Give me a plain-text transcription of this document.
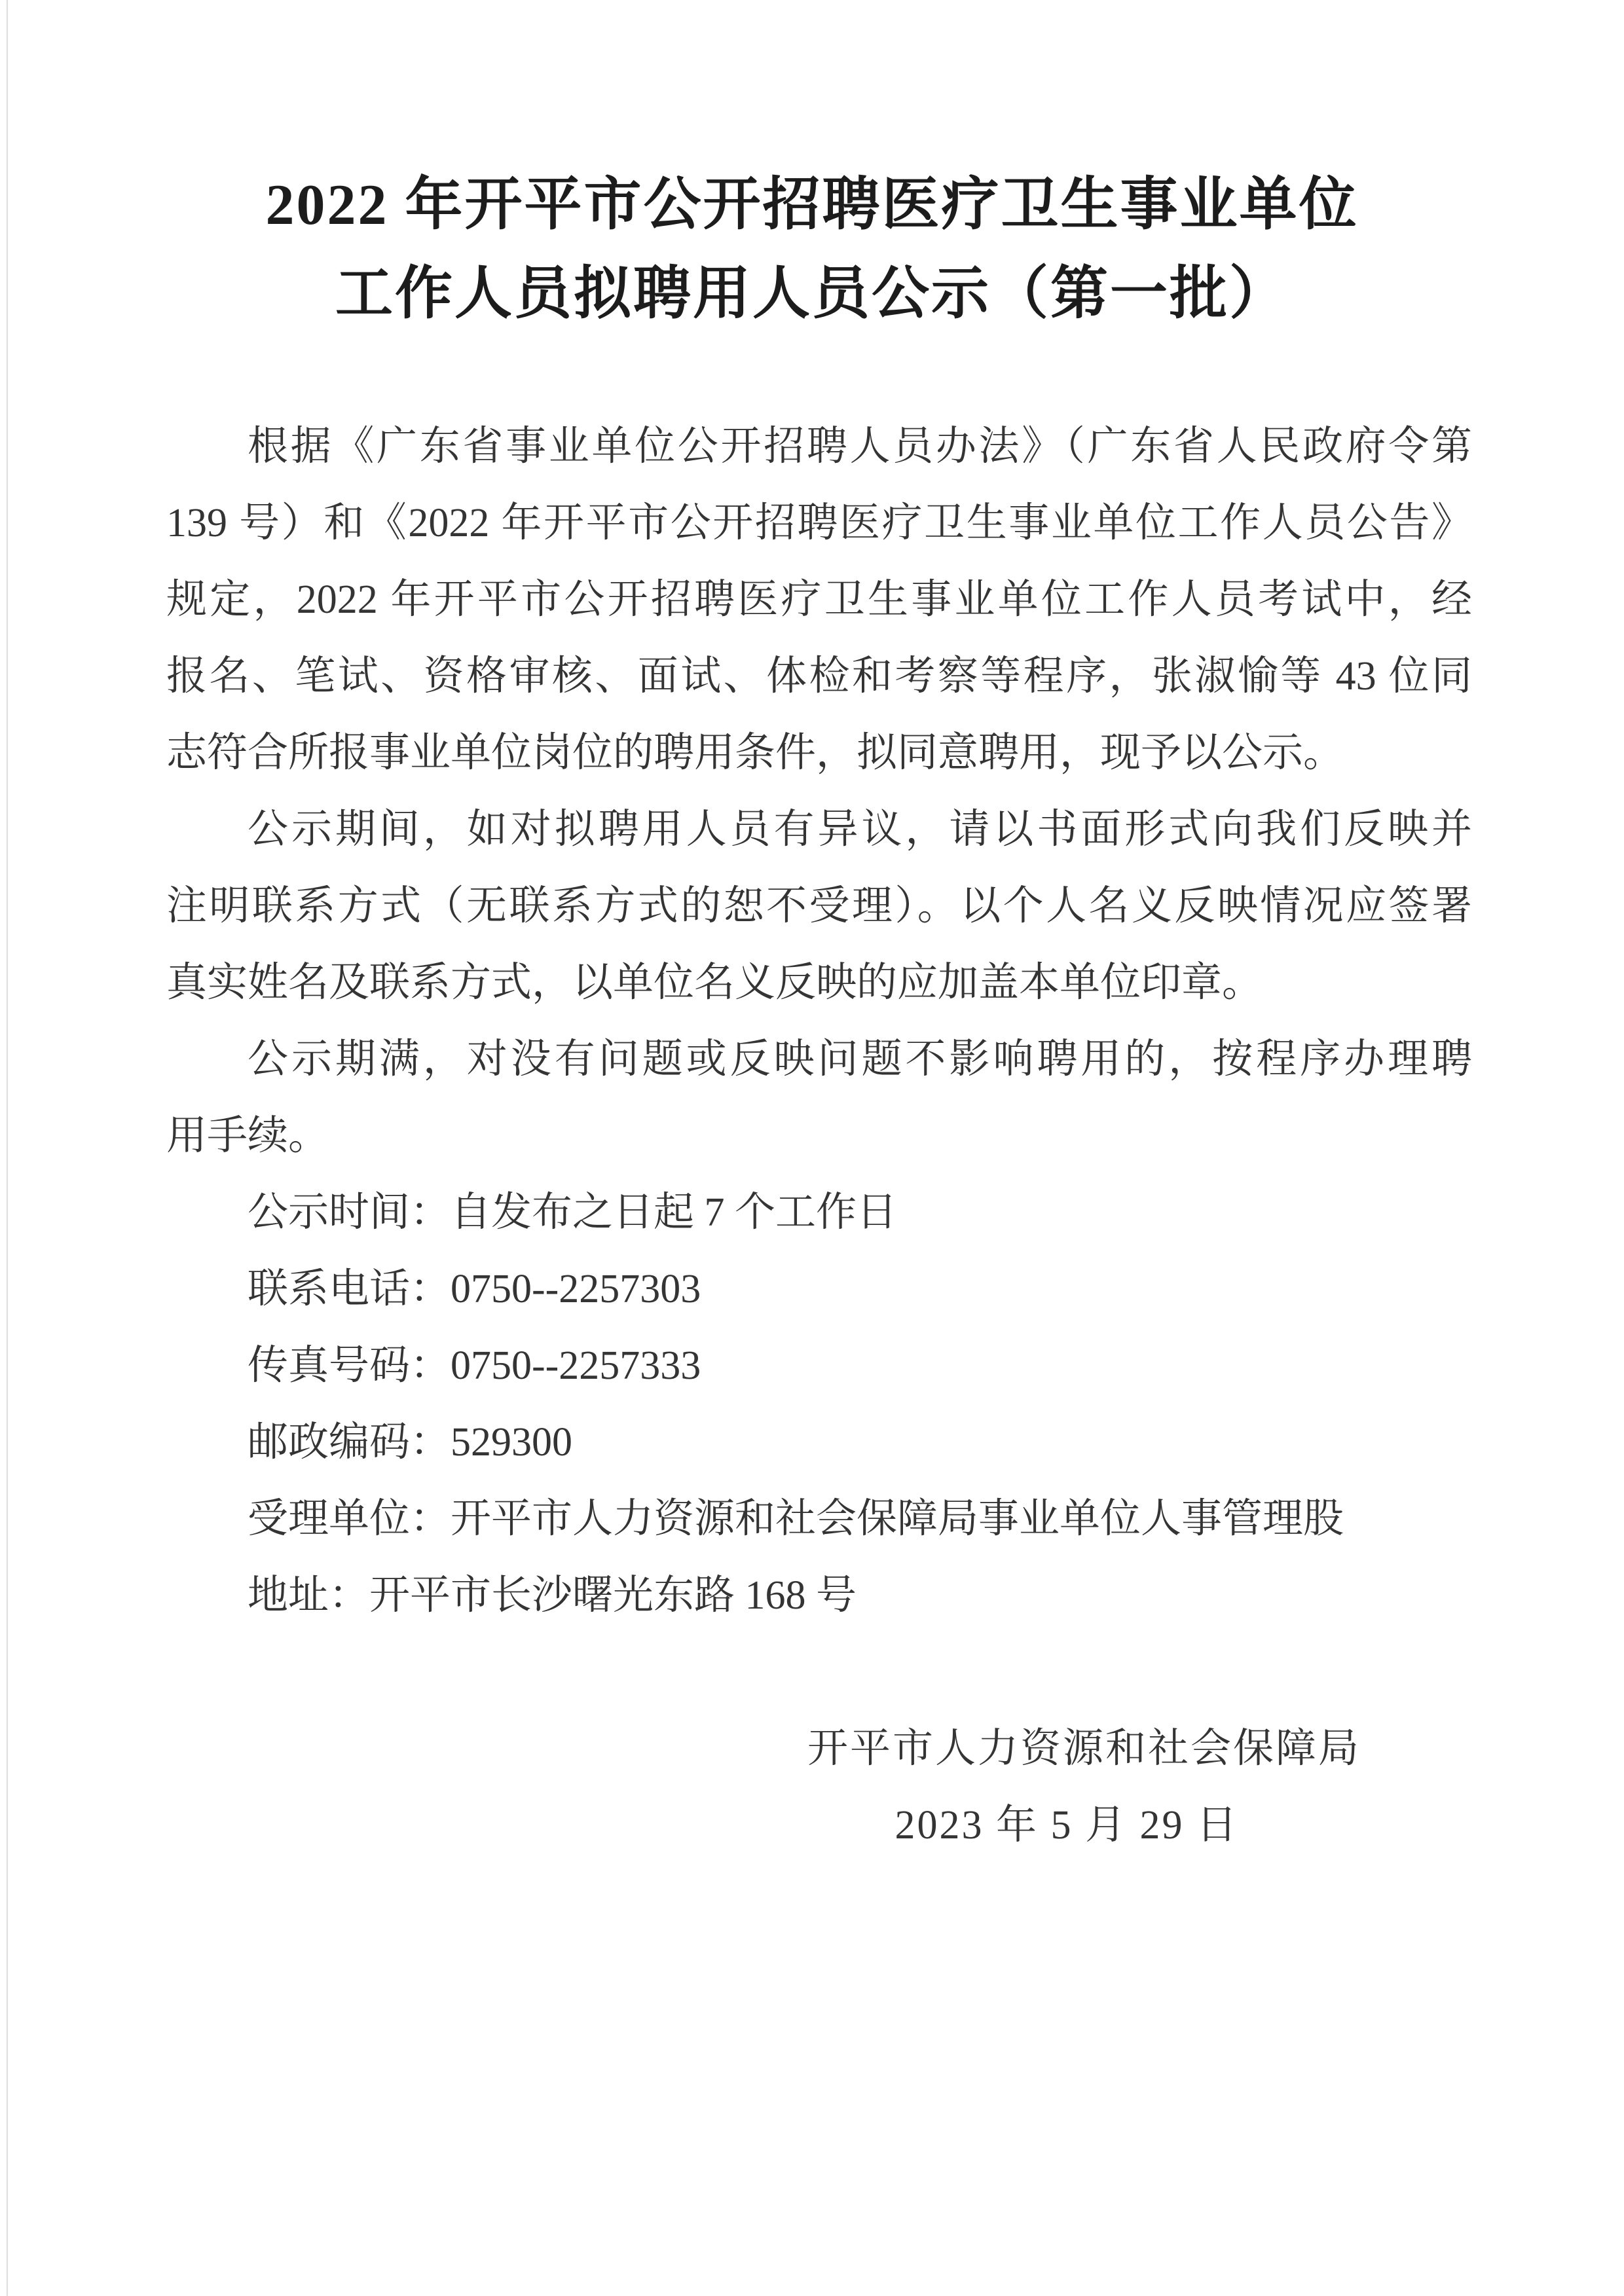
2022 年开平市公开招聘医疗卫生事业单位
工作人员拟聘用人员公示（第一批）
根据《广东省事业单位公开招聘人员办法》（广东省人民政府令第
139 号）和《2022 年开平市公开招聘医疗卫生事业单位工作人员公告》
规定，2022 年开平市公开招聘医疗卫生事业单位工作人员考试中，经
报名、笔试、资格审核、面试、体检和考察等程序，张淑愉等 43 位同
志符合所报事业单位岗位的聘用条件，拟同意聘用，现予以公示。
公示期间，如对拟聘用人员有异议，请以书面形式向我们反映并
注明联系方式（无联系方式的恕不受理）。以个人名义反映情况应签署
真实姓名及联系方式，以单位名义反映的应加盖本单位印章。
公示期满，对没有问题或反映问题不影响聘用的，按程序办理聘
用手续。
公示时间：自发布之日起 7 个工作日
联系电话：0750--2257303
传真号码：0750--2257333
邮政编码：529300
受理单位：开平市人力资源和社会保障局事业单位人事管理股
地址：开平市长沙曙光东路 168 号
开平市人力资源和社会保障局
2023 年 5 月 29 日
